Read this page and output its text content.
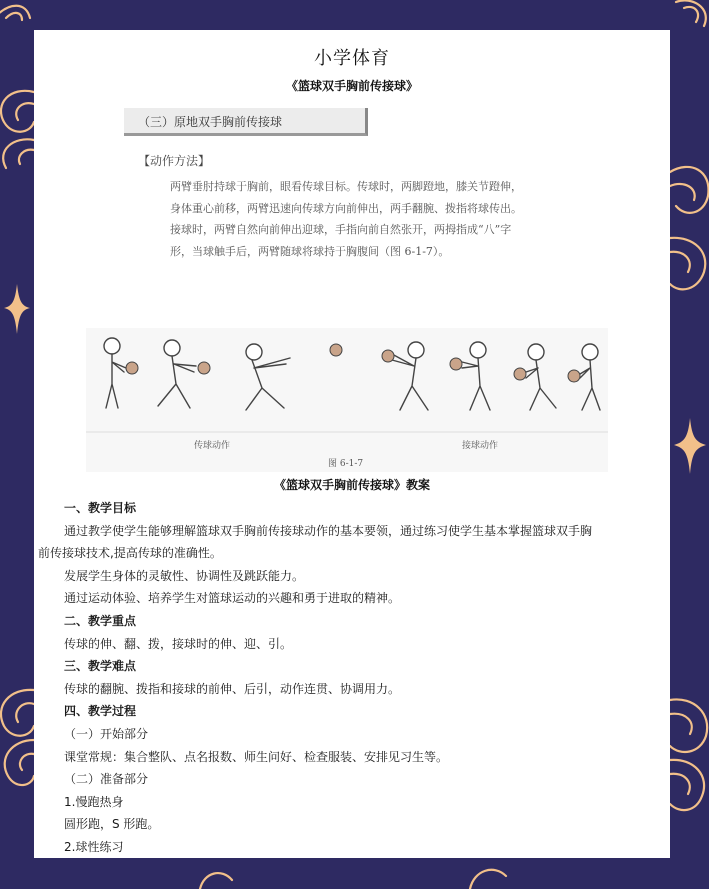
小学体育
《篮球双手胸前传接球》
（三）原地双手胸前传接球
【动作方法】
两臂垂肘持球于胸前，眼看传球目标。传球时，两脚蹬地，膝关节蹬伸，
身体重心前移，两臂迅速向传球方向前伸出，两手翻腕、拨指将球传出。
接球时，两臂自然向前伸出迎球，手指向前自然张开，两拇指成“八”字
形，当球触手后，两臂随球将球持于胸腹间（图 6-1-7）。
传球动作	接球动作
图 6-1-7
《篮球双手胸前传接球》教案
一、教学目标
通过教学使学生能够理解篮球双手胸前传接球动作的基本要领，通过练习使学生基本掌握篮球双手胸
前传接球技术,提高传球的准确性。
发展学生身体的灵敏性、协调性及跳跃能力。
通过运动体验、培养学生对篮球运动的兴趣和勇于进取的精神。
二、教学重点
传球的伸、翻、拨，接球时的伸、迎、引。
三、教学难点
传球的翻腕、拨指和接球的前伸、后引，动作连贯、协调用力。
四、教学过程
（一）开始部分
课堂常规：集合整队、点名报数、师生问好、检查服装、安排见习生等。
（二）准备部分
1.慢跑热身
圆形跑，S 形跑。
2.球性练习
